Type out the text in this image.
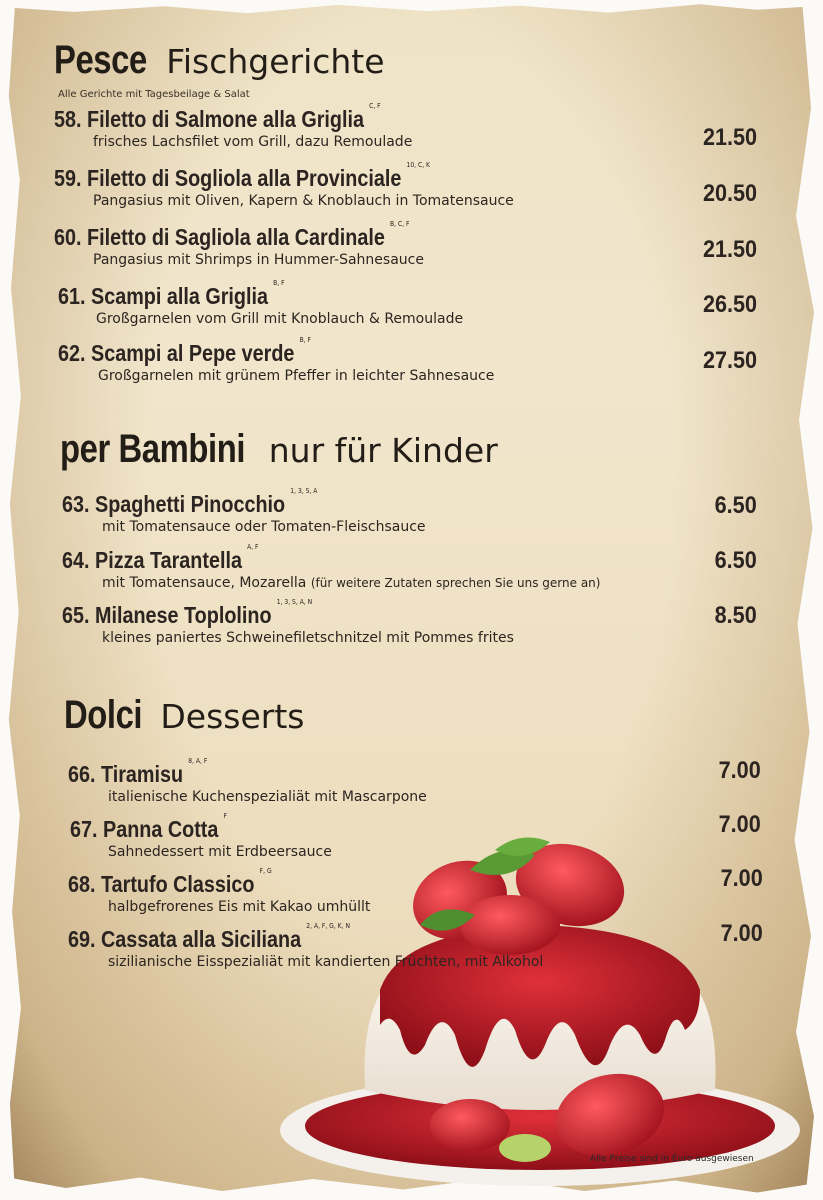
Pesce Fischgerichte
Alle Gerichte mit Tagesbeilage & Salat
58. Filetto di Salmone alla Griglia $^{C, F}$
frisches Lachsfilet vom Grill, dazu Remoulade	21.50
59. Filetto di Sogliola alla Provinciale $^{10, C, K}$
Pangasius mit Oliven, Kapern & Knoblauch in Tomatensauce	20.50
60. Filetto di Sagliola alla Cardinale $^{B, C, F}$
Pangasius mit Shrimps in Hummer-Sahnesauce	21.50
61. Scampi alla Griglia $^{B, F}$
Großgarnelen vom Grill mit Knoblauch & Remoulade
26.50
62. Scampi al Pepe verde $^{B, F}$
Großgarnelen mit grünem Pfeffer in leichter Sahnesauce
27.50
per Bambini nur für Kinder
63. Spaghetti Pinocchio $^{1, 3, S, A}$
mit Tomatensauce oder Tomaten-Fleischsauce
6.50
64. Pizza Tarantella $^{A, F}$
mit Tomatensauce, Mozarella (für weitere Zutaten sprechen Sie uns gerne an)
6.50
65. Milanese Toplolino $^{1, 3, S, A, N}$
kleines paniertes Schweinefiletschnitzel mit Pommes frites
8.50
Dolci Desserts
66. Tiramisu $^{8, A, F}$
italienische Kuchenspezialiät mit Mascarpone
7.00
67. Panna Cotta $^F$
Sahnedessert mit Erdbeersauce
7.00
68. Tartufo Classico $^{F, G}$
halbgefrorenes Eis mit Kakao umhüllt
7.00
69. Cassata alla Siciliana $^{2, A, F, G, K, N}$
sizilianische Eisspezialiät mit kandierten Früchten, mit Alkohol
7.00
Alle Preise sind in Euro ausgewiesen
